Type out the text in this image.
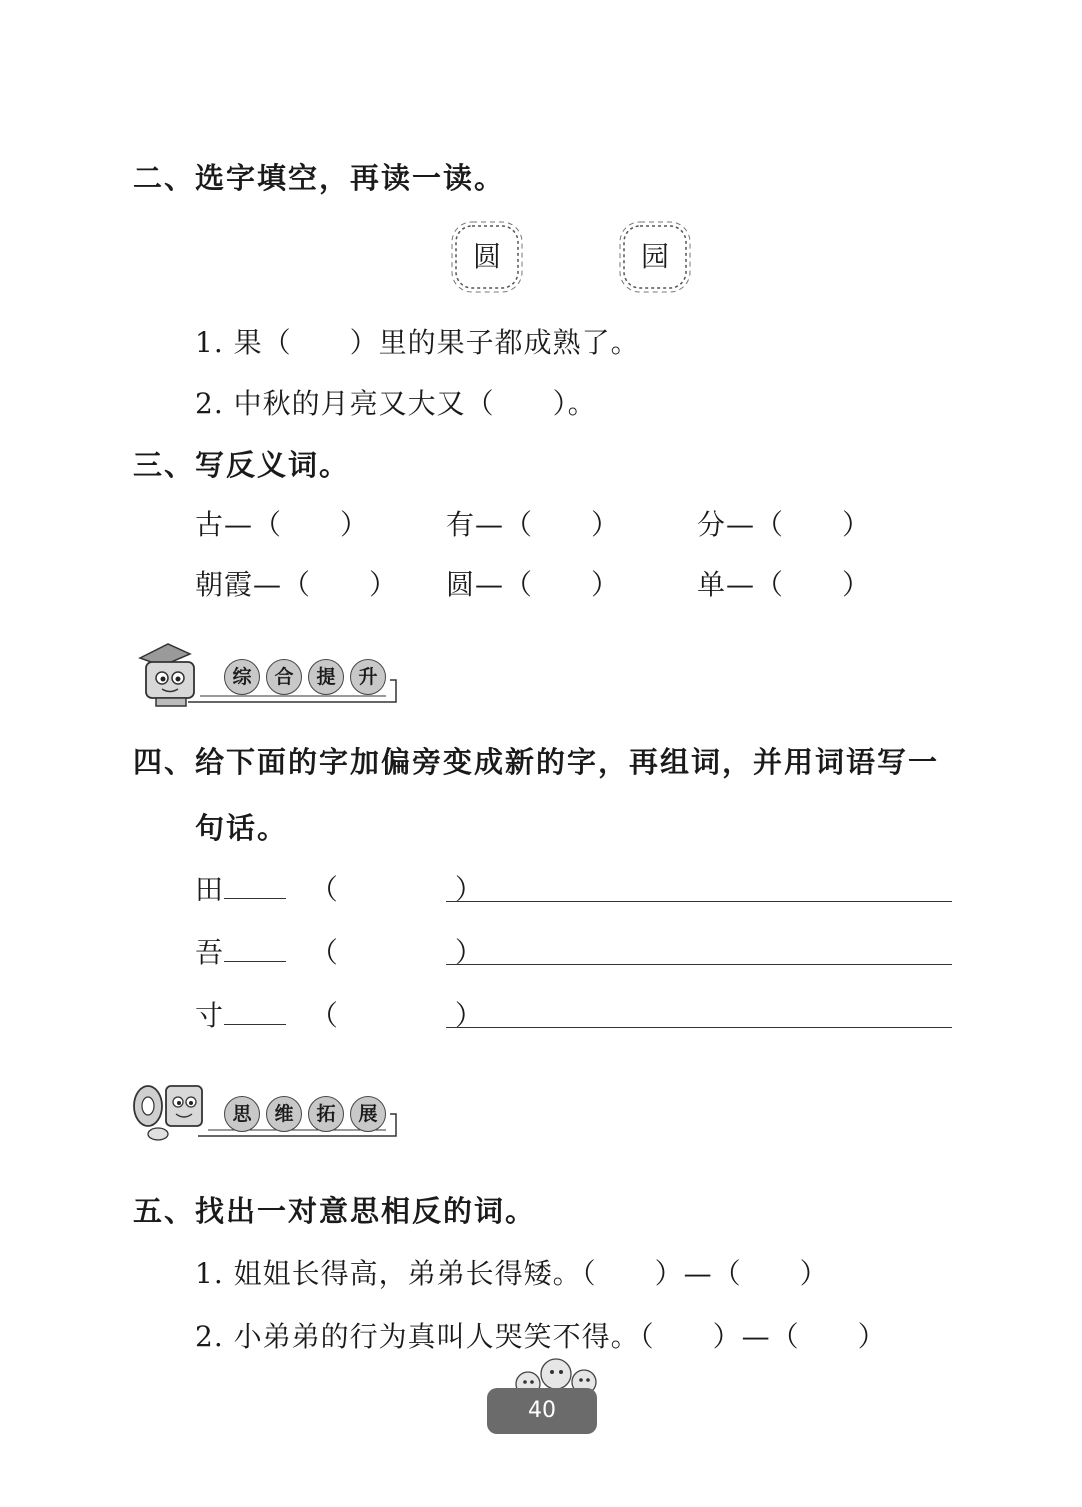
二、选字填空，再读一读。
圆	园
1. 果（　　）里的果子都成熟了。
2. 中秋的月亮又大又（　　）。
三、写反义词。
古—（　　）	有—（　　）	分—（　　）
朝霞—（　　） 圆—（　　）	单—（　　）
综	合	提	升
四、给下面的字加偏旁变成新的字，再组词，并用词语写一
句话。
田	（　　　　）
吾	（　　　　）
寸	（　　　　）
思	维	拓	展
五、找出一对意思相反的词。
1. 姐姐长得高，弟弟长得矮。（　　）—（　　）
2. 小弟弟的行为真叫人哭笑不得。（　　）—（　　）
40
